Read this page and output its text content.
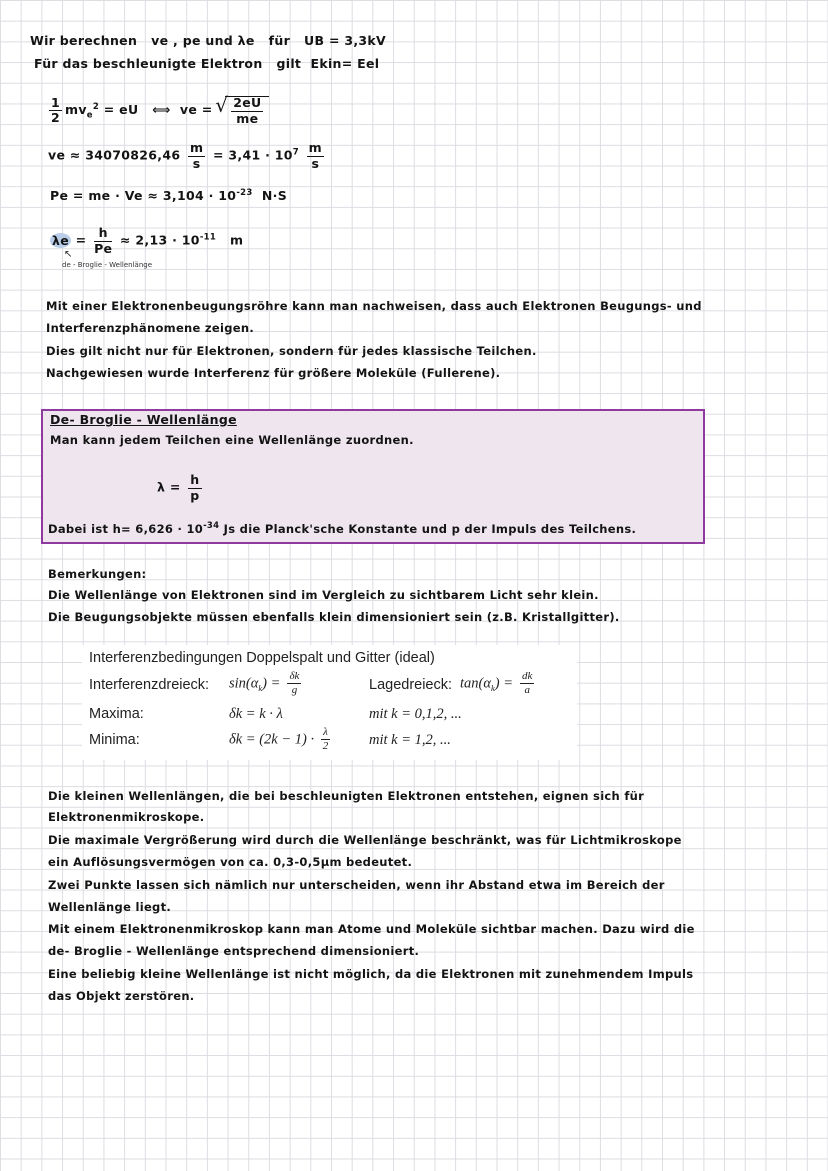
Wir berechnen ve , pe und λe für UB = 3,3kV
Für das beschleunigte Elektron gilt Ekin= Eel
$\frac{1}{2} mv_e^2$ = eU ⟺ ve =
√ $\frac{2eU}{me}$
ve ≈ $34070826,46 \frac{m}{s} = 3,41 \cdot 10^7 \frac{m}{s}$
Pe = me · $Ve \approx 3,104 \cdot 10^{-23}$ N·S
$\lambda e = \frac{h}{Pe} \approx 2,13 \cdot 10^{-11}$ m
↖
de - Broglie - Wellenlänge
Mit einer Elektronenbeugungsröhre kann man nachweisen, dass auch Elektronen Beugungs- und
Interferenzphänomene zeigen.
Dies gilt nicht nur für Elektronen, sondern für jedes klassische Teilchen.
Nachgewiesen wurde Interferenz für größere Moleküle (Fullerene).
De- Broglie - Wellenlänge
Man kann jedem Teilchen eine Wellenlänge zuordnen.
$\lambda = \frac{h}{p}$
Dabei ist $h= 6,626 \cdot 10^{-34}$ Js die Planck'sche Konstante und p der Impuls des Teilchens.
Bemerkungen:
Die Wellenlänge von Elektronen sind im Vergleich zu sichtbarem Licht sehr klein.
Die Beugungsobjekte müssen ebenfalls klein dimensioniert sein (z.B. Kristallgitter).
Interferenzbedingungen Doppelspalt und Gitter (ideal)
Interferenzdreieck: $\sin(\alpha_k) = \frac{\delta k}{g}$	Lagedreieck: $\tan(\alpha_k) = \frac{dk}{a}$
Maxima:	δk = k · λ	mit k = 0,1,2, ...
Minima:	$\delta k = (2k - 1) \cdot \frac{\lambda}{2}$	mit k = 1,2, ...
Die kleinen Wellenlängen, die bei beschleunigten Elektronen entstehen, eignen sich für
Elektronenmikroskope.
Die maximale Vergrößerung wird durch die Wellenlänge beschränkt, was für Lichtmikroskope
ein Auflösungsvermögen von ca. 0,3-0,5μm bedeutet.
Zwei Punkte lassen sich nämlich nur unterscheiden, wenn ihr Abstand etwa im Bereich der
Wellenlänge liegt.
Mit einem Elektronenmikroskop kann man Atome und Moleküle sichtbar machen. Dazu wird die
de- Broglie - Wellenlänge entsprechend dimensioniert.
Eine beliebig kleine Wellenlänge ist nicht möglich, da die Elektronen mit zunehmendem Impuls
das Objekt zerstören.
